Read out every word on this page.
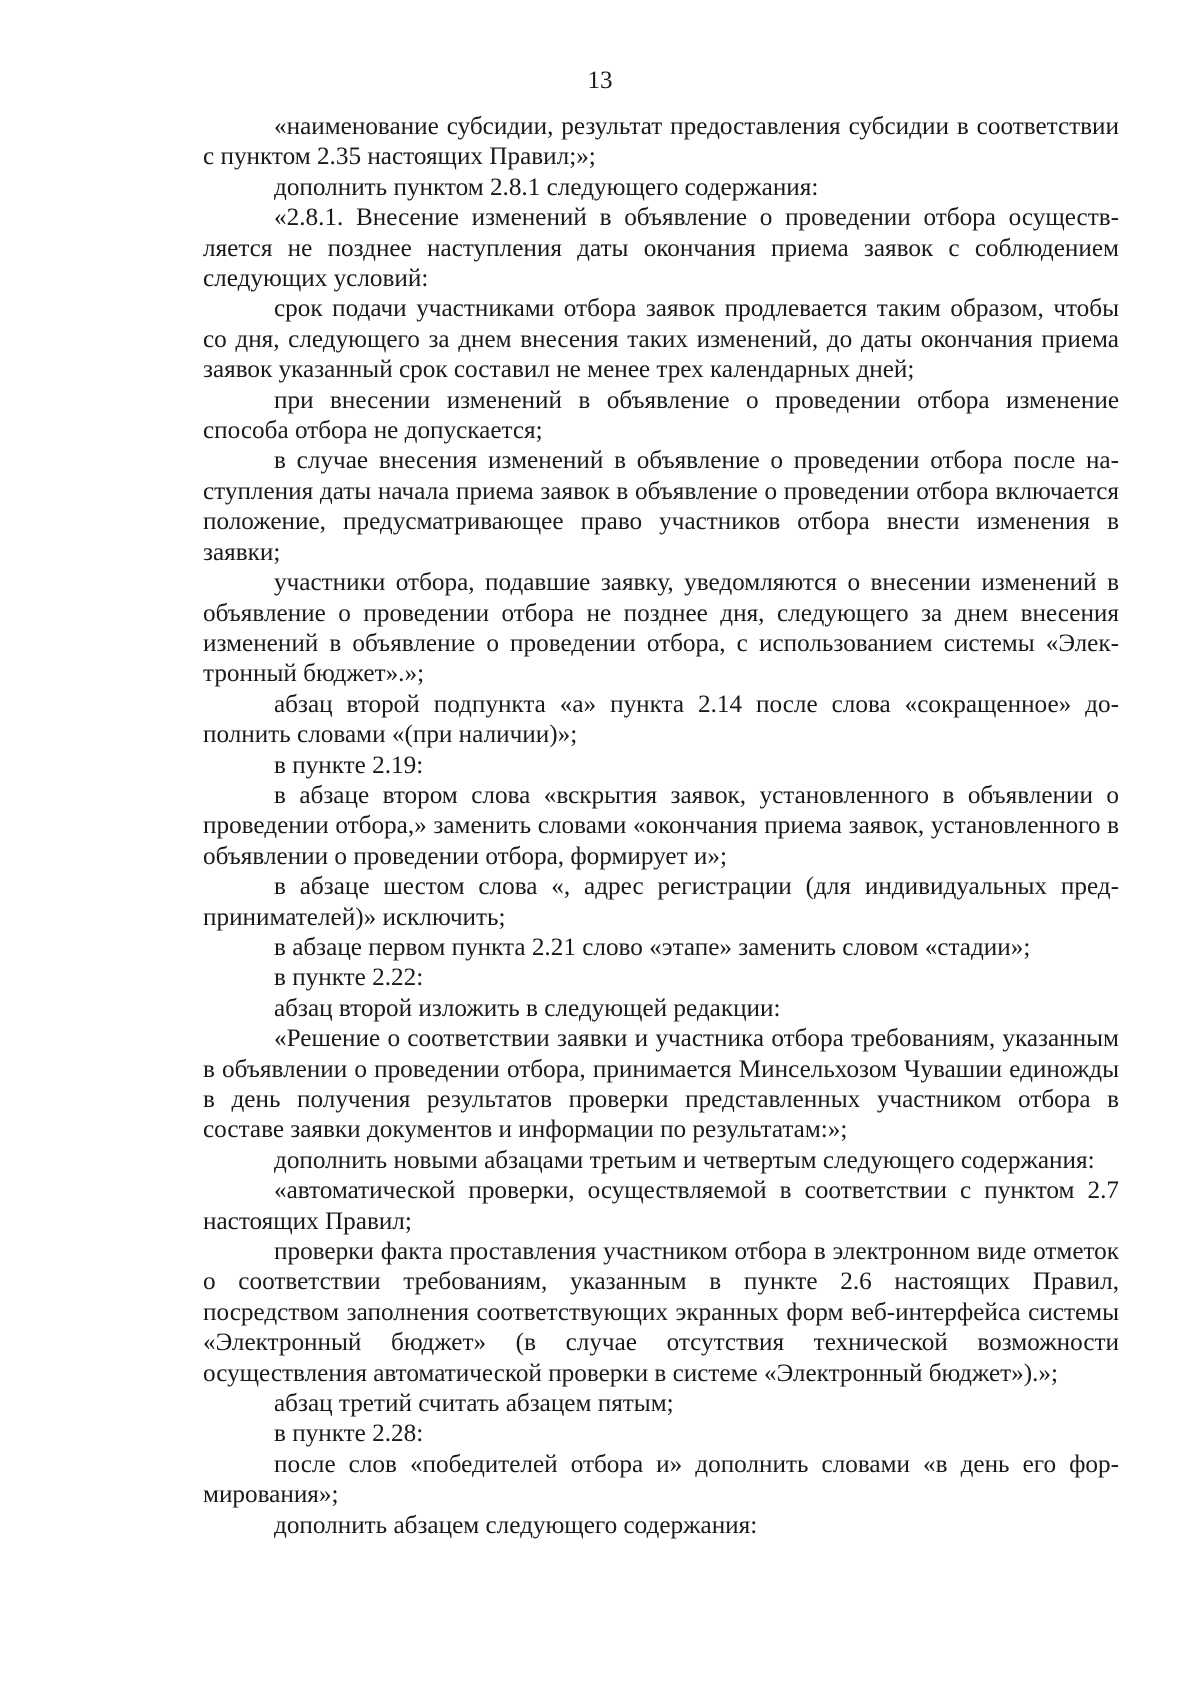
13

«наименование субсидии, результат предоставления субсидии в соответствии с пунктом 2.35 настоящих Правил;»;

дополнить пунктом 2.8.1 следующего содержания:

«2.8.1. Внесение изменений в объявление о проведении отбора осуществляется не позднее наступления даты окончания приема заявок с соблюдением следующих условий:

срок подачи участниками отбора заявок продлевается таким образом, чтобы со дня, следующего за днем внесения таких изменений, до даты окончания приема заявок указанный срок составил не менее трех календарных дней;

при внесении изменений в объявление о проведении отбора изменение способа отбора не допускается;

в случае внесения изменений в объявление о проведении отбора после наступления даты начала приема заявок в объявление о проведении отбора включается положение, предусматривающее право участников отбора внести изменения в заявки;

участники отбора, подавшие заявку, уведомляются о внесении изменений в объявление о проведении отбора не позднее дня, следующего за днем внесения изменений в объявление о проведении отбора, с использованием системы «Электронный бюджет».»;

абзац второй подпункта «а» пункта 2.14 после слова «сокращенное» дополнить словами «(при наличии)»;

в пункте 2.19:

в абзаце втором слова «вскрытия заявок, установленного в объявлении о проведении отбора,» заменить словами «окончания приема заявок, установленного в объявлении о проведении отбора, формирует и»;

в абзаце шестом слова «, адрес регистрации (для индивидуальных предпринимателей)» исключить;

в абзаце первом пункта 2.21 слово «этапе» заменить словом «стадии»;

в пункте 2.22:

абзац второй изложить в следующей редакции:

«Решение о соответствии заявки и участника отбора требованиям, указанным в объявлении о проведении отбора, принимается Минсельхозом Чувашии единожды в день получения результатов проверки представленных участником отбора в составе заявки документов и информации по результатам:»;

дополнить новыми абзацами третьим и четвертым следующего содержания:

«автоматической проверки, осуществляемой в соответствии с пунктом 2.7 настоящих Правил;

проверки факта проставления участником отбора в электронном виде отметок о соответствии требованиям, указанным в пункте 2.6 настоящих Правил, посредством заполнения соответствующих экранных форм веб-интерфейса системы «Электронный бюджет» (в случае отсутствия технической возможности осуществления автоматической проверки в системе «Электронный бюджет»).»;

абзац третий считать абзацем пятым;

в пункте 2.28:

после слов «победителей отбора и» дополнить словами «в день его формирования»;

дополнить абзацем следующего содержания:
